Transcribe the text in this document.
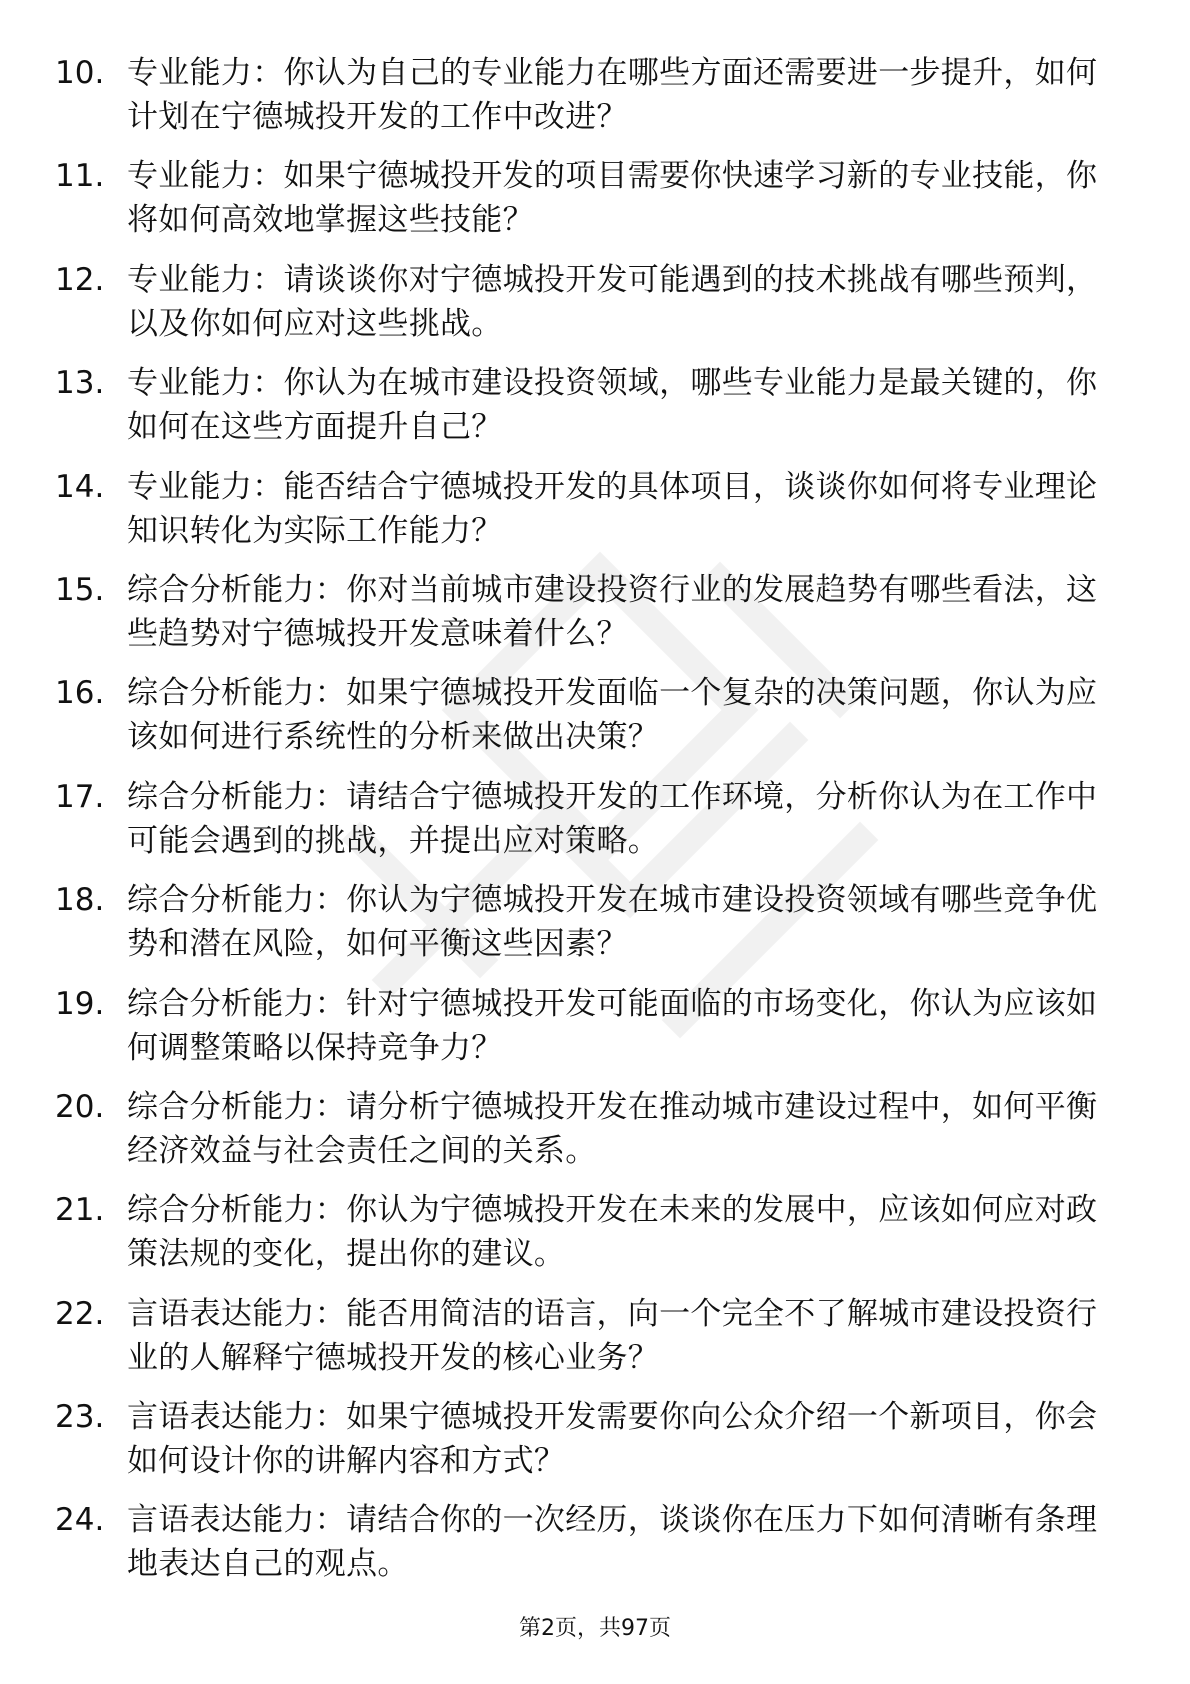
10. 专业能力：你认为自己的专业能力在哪些方面还需要进一步提升，如何计划在宁德城投开发的工作中改进？
11. 专业能力：如果宁德城投开发的项目需要你快速学习新的专业技能，你将如何高效地掌握这些技能？
12. 专业能力：请谈谈你对宁德城投开发可能遇到的技术挑战有哪些预判，以及你如何应对这些挑战。
13. 专业能力：你认为在城市建设投资领域，哪些专业能力是最关键的，你如何在这些方面提升自己？
14. 专业能力：能否结合宁德城投开发的具体项目，谈谈你如何将专业理论知识转化为实际工作能力？
15. 综合分析能力：你对当前城市建设投资行业的发展趋势有哪些看法，这些趋势对宁德城投开发意味着什么？
16. 综合分析能力：如果宁德城投开发面临一个复杂的决策问题，你认为应该如何进行系统性的分析来做出决策？
17. 综合分析能力：请结合宁德城投开发的工作环境，分析你认为在工作中可能会遇到的挑战，并提出应对策略。
18. 综合分析能力：你认为宁德城投开发在城市建设投资领域有哪些竞争优势和潜在风险，如何平衡这些因素？
19. 综合分析能力：针对宁德城投开发可能面临的市场变化，你认为应该如何调整策略以保持竞争力？
20. 综合分析能力：请分析宁德城投开发在推动城市建设过程中，如何平衡经济效益与社会责任之间的关系。
21. 综合分析能力：你认为宁德城投开发在未来的发展中，应该如何应对政策法规的变化，提出你的建议。
22. 言语表达能力：能否用简洁的语言，向一个完全不了解城市建设投资行业的人解释宁德城投开发的核心业务？
23. 言语表达能力：如果宁德城投开发需要你向公众介绍一个新项目，你会如何设计你的讲解内容和方式？
24. 言语表达能力：请结合你的一次经历，谈谈你在压力下如何清晰有条理地表达自己的观点。
第2页，共97页
